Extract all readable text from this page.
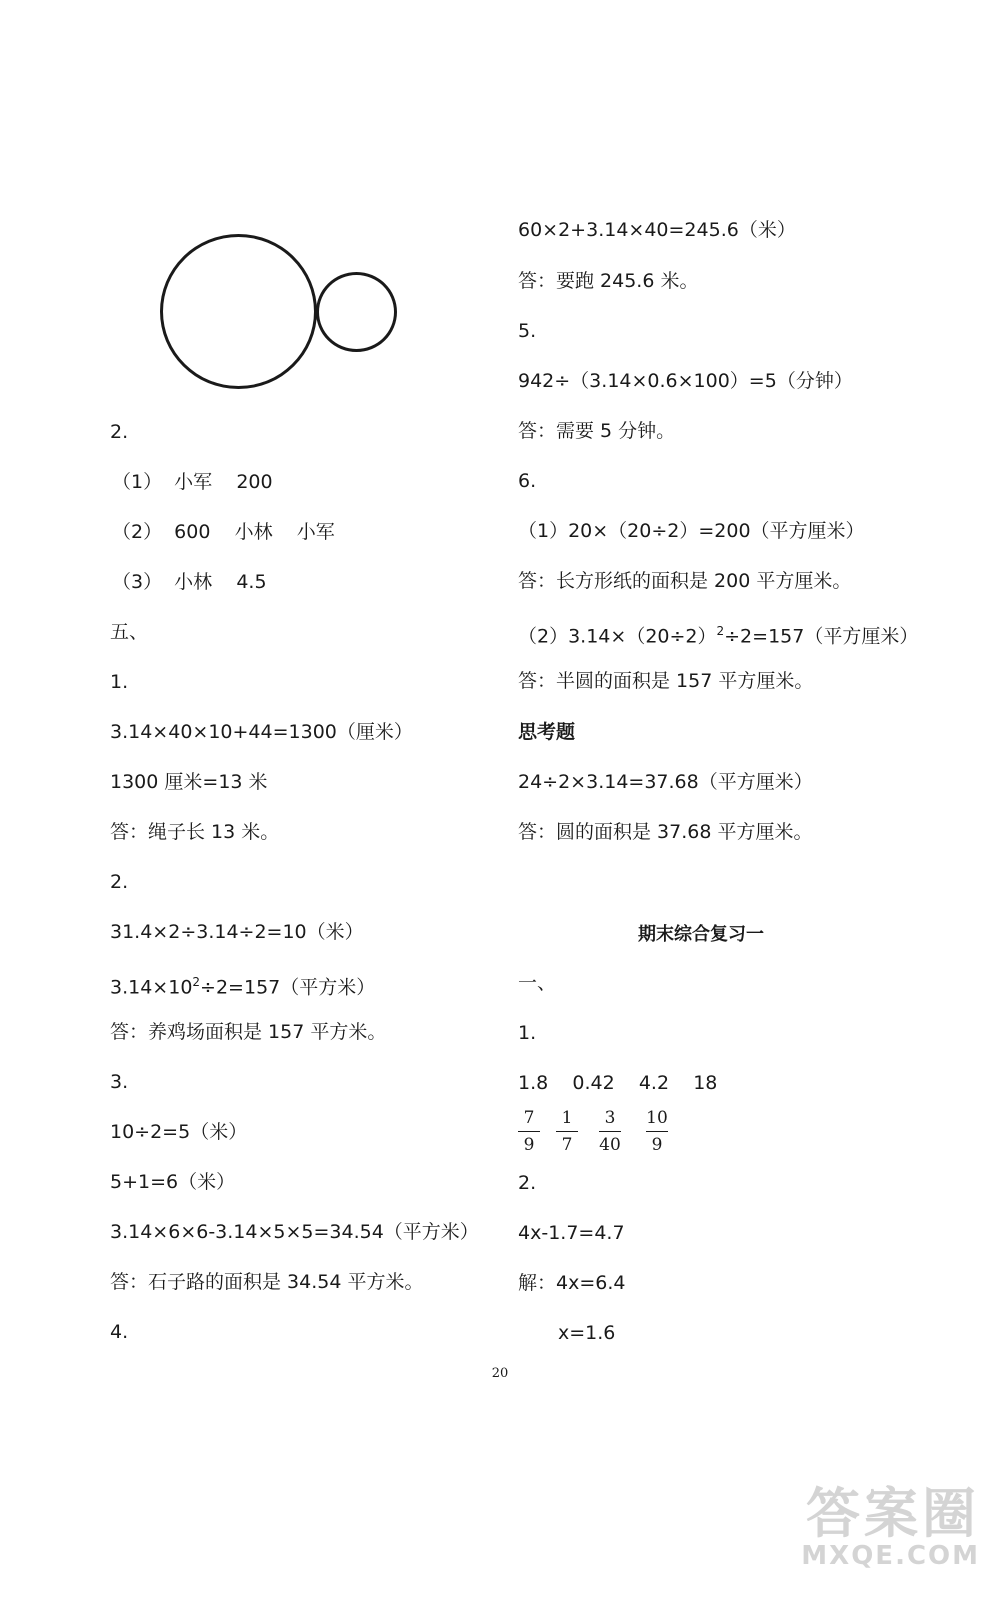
2.
（1）  小军    200
（2）  600    小林    小军
（3）  小林    4.5
五、
1.
3.14×40×10+44=1300（厘米）
1300 厘米=13 米
答：绳子长 13 米。
2.
31.4×2÷3.14÷2=10（米）
$3.14\times 10^2\div 2=157$（平方米）
答：养鸡场面积是 157 平方米。
3.
10÷2=5（米）
5+1=6（米）
3.14×6×6-3.14×5×5=34.54（平方米）
答：石子路的面积是 34.54 平方米。
4.
60×2+3.14×40=245.6（米）
答：要跑 245.6 米。
5.
942÷（3.14×0.6×100）=5（分钟）
答：需要 5 分钟。
6.
（1）20×（20÷2）=200（平方厘米）
答：长方形纸的面积是 200 平方厘米。
$(2)3.14\times(20\div 2)^2\div 2=157$（平方厘米）
答：半圆的面积是 157 平方厘米。
思考题
24÷2×3.14=37.68（平方厘米）
答：圆的面积是 37.68 平方厘米。
期末综合复习一
一、
1.
1.8    0.42    4.2    18
7
9
1
7
3
40
10
9
2.
4x-1.7=4.7
解：4x=6.4
x=1.6
20
答案圈
MXQE.COM
